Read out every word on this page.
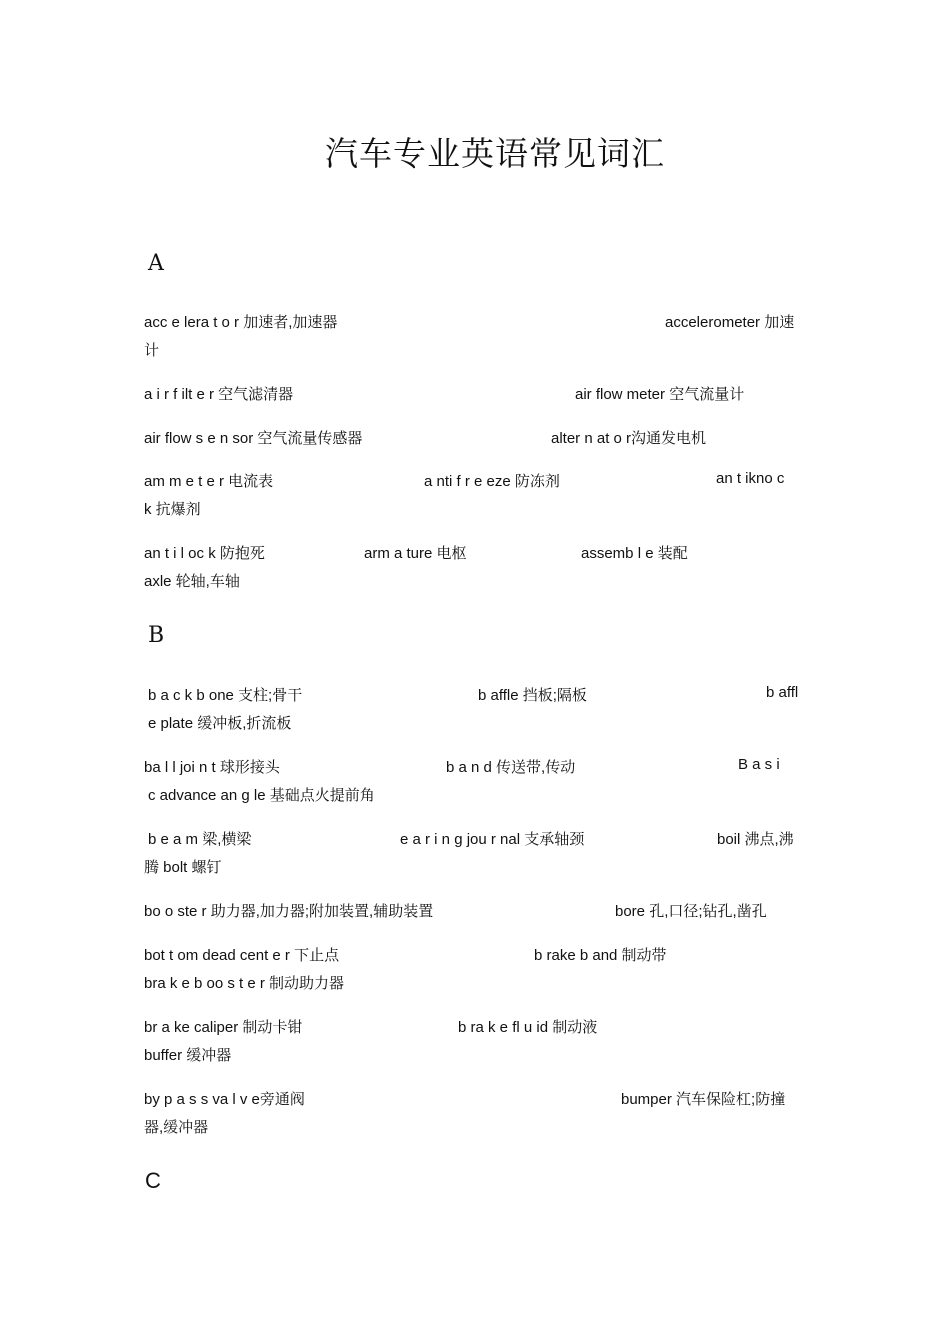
汽车专业英语常见词汇
A
acc e lera t o r 加速者,加速器	accelerometer 加速
计
a i r f ilt e r 空气滤清器	air flow meter 空气流量计
air flow s e n sor 空气流量传感器	alter n at o r沟通发电机
am m e t e r 电流表	a nti f r e eze 防冻剂	an t ikno c
k 抗爆剂
an t i l oc k 防抱死	arm a ture 电枢	assemb l e 装配
axle 轮轴,车轴
B
b a c k b one 支柱;骨干	b affle 挡板;隔板	b affl
e plate 缓冲板,折流板
ba l l joi n t 球形接头	b a n d 传送带,传动	B a s i
c advance an g le 基础点火提前角
b e a m 梁,横梁	e a r i n g jou r nal 支承轴颈	boil 沸点,沸
腾 bolt 螺钉
bo o ste r 助力器,加力器;附加装置,辅助装置	bore 孔,口径;钻孔,凿孔
bot t om dead cent e r 下止点	b rake b and 制动带
bra k e b oo s t e r 制动助力器
br a ke caliper 制动卡钳	b ra k e fl u id 制动液
buffer 缓冲器
by p a s s va l v e旁通阀	bumper 汽车保险杠;防撞
器,缓冲器
C
